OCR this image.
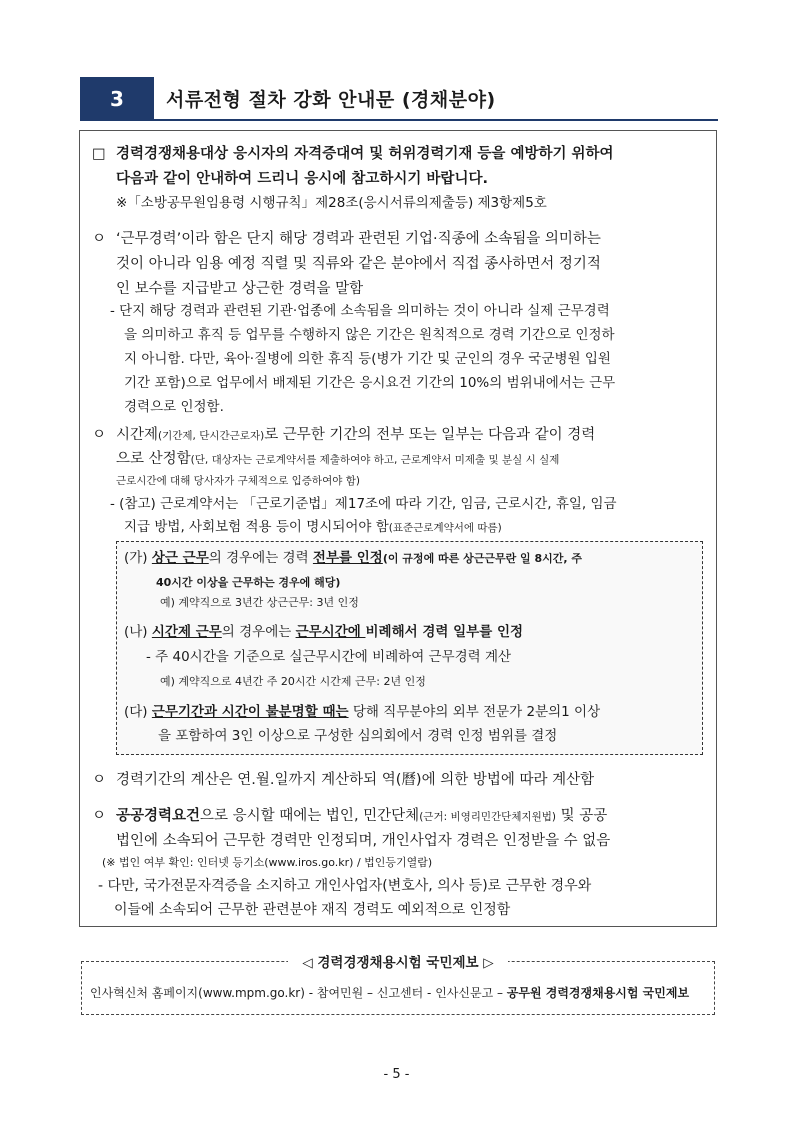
3	서류전형 절차 강화 안내문 (경채분야)
□ 경력경쟁채용대상 응시자의 자격증대여 및 허위경력기재 등을 예방하기 위하여
다음과 같이 안내하여 드리니 응시에 참고하시기 바랍니다.
※「소방공무원임용령 시행규칙」제28조(응시서류의제출등) 제3항제5호
ㅇ ‘근무경력’이라 함은 단지 해당 경력과 관련된 기업·직종에 소속됨을 의미하는
것이 아니라 임용 예정 직렬 및 직류와 같은 분야에서 직접 종사하면서 정기적
인 보수를 지급받고 상근한 경력을 말함
- 단지 해당 경력과 관련된 기관·업종에 소속됨을 의미하는 것이 아니라 실제 근무경력
을 의미하고 휴직 등 업무를 수행하지 않은 기간은 원칙적으로 경력 기간으로 인정하
지 아니함. 다만, 육아·질병에 의한 휴직 등(병가 기간 및 군인의 경우 국군병원 입원
기간 포함)으로 업무에서 배제된 기간은 응시요건 기간의 10%의 범위내에서는 근무
경력으로 인정함.
ㅇ 시간제(기간제, 단시간근로자)로 근무한 기간의 전부 또는 일부는 다음과 같이 경력
으로 산정함(단, 대상자는 근로계약서를 제출하여야 하고, 근로계약서 미제출 및 분실 시 실제
근로시간에 대해 당사자가 구체적으로 입증하여야 함)
- (참고) 근로계약서는 「근로기준법」제17조에 따라 기간, 임금, 근로시간, 휴일, 임금
지급 방법, 사회보험 적용 등이 명시되어야 함(표준근로계약서에 따름)
(가) 상근 근무의 경우에는 경력 전부를 인정(이 규정에 따른 상근근무란 일 8시간, 주
40시간 이상을 근무하는 경우에 해당)
예) 계약직으로 3년간 상근근무: 3년 인정
(나) 시간제 근무의 경우에는 근무시간에 비례해서 경력 일부를 인정
- 주 40시간을 기준으로 실근무시간에 비례하여 근무경력 계산
예) 계약직으로 4년간 주 20시간 시간제 근무: 2년 인정
(다) 근무기간과 시간이 불분명할 때는 당해 직무분야의 외부 전문가 2분의1 이상
을 포함하여 3인 이상으로 구성한 심의회에서 경력 인정 범위를 결정
ㅇ 경력기간의 계산은 연.월.일까지 계산하되 역(曆)에 의한 방법에 따라 계산함
ㅇ 공공경력요건으로 응시할 때에는 법인, 민간단체(근거: 비영리민간단체지원법) 및 공공
법인에 소속되어 근무한 경력만 인정되며, 개인사업자 경력은 인정받을 수 없음
(※ 법인 여부 확인: 인터넷 등기소(www.iros.go.kr) / 법인등기열람)
- 다만, 국가전문자격증을 소지하고 개인사업자(변호사, 의사 등)로 근무한 경우와
이들에 소속되어 근무한 관련분야 재직 경력도 예외적으로 인정함
◁ 경력경쟁채용시험 국민제보 ▷
인사혁신처 홈페이지(www.mpm.go.kr) - 참여민원 – 신고센터 - 인사신문고 – 공무원 경력경쟁채용시험 국민제보
- 5 -
